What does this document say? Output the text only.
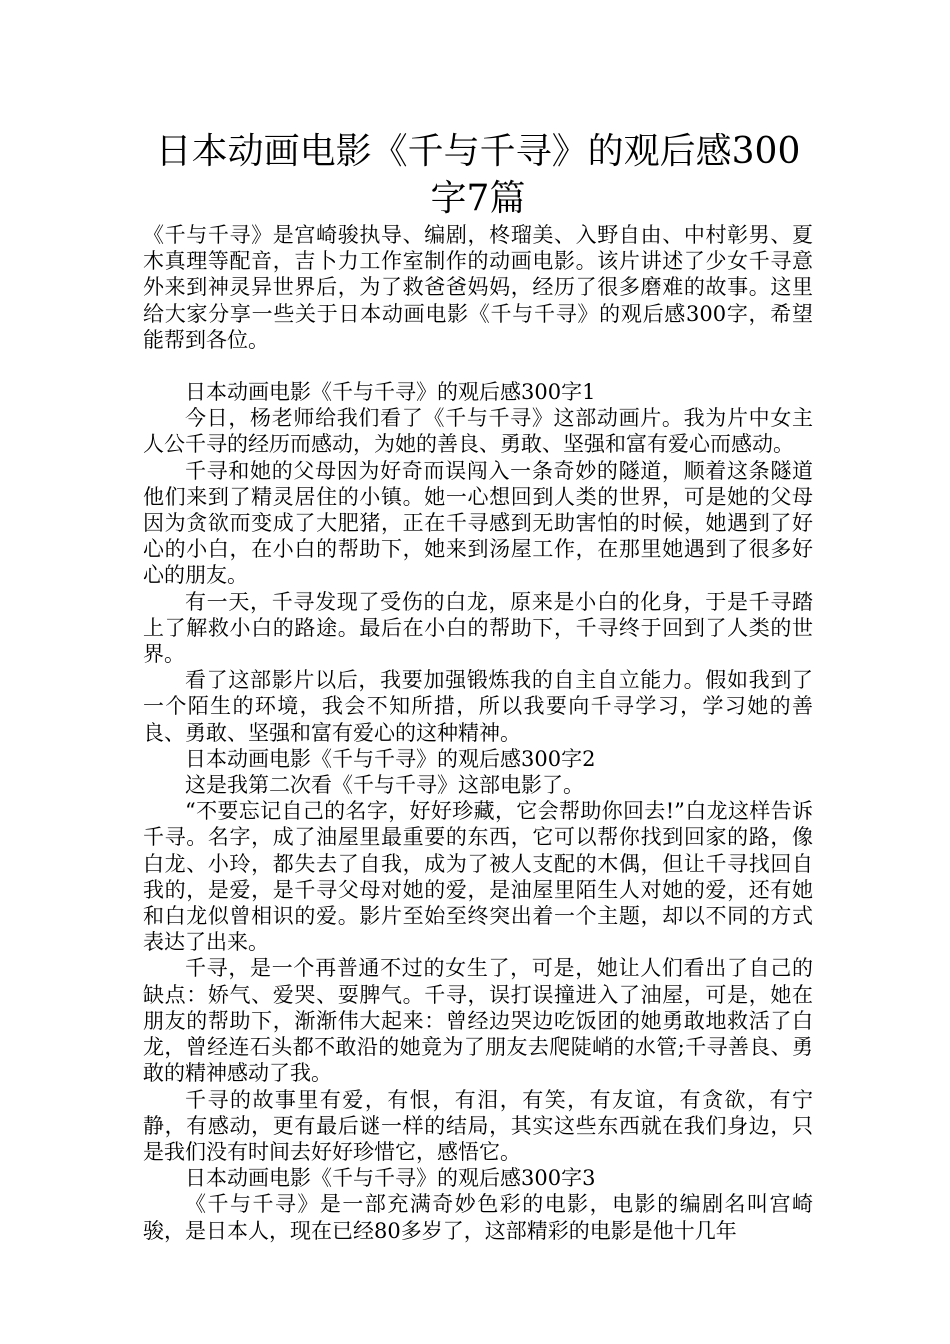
日本动画电影《千与千寻》的观后感300
字7篇

《千与千寻》是宫崎骏执导、编剧，柊瑠美、入野自由、中村彰男、夏木真理等配音，吉卜力工作室制作的动画电影。该片讲述了少女千寻意外来到神灵异世界后，为了救爸爸妈妈，经历了很多磨难的故事。这里给大家分享一些关于日本动画电影《千与千寻》的观后感300字，希望能帮到各位。

日本动画电影《千与千寻》的观后感300字1

今日，杨老师给我们看了《千与千寻》这部动画片。我为片中女主人公千寻的经历而感动，为她的善良、勇敢、坚强和富有爱心而感动。

千寻和她的父母因为好奇而误闯入一条奇妙的隧道，顺着这条隧道他们来到了精灵居住的小镇。她一心想回到人类的世界，可是她的父母因为贪欲而变成了大肥猪，正在千寻感到无助害怕的时候，她遇到了好心的小白，在小白的帮助下，她来到汤屋工作，在那里她遇到了很多好心的朋友。

有一天，千寻发现了受伤的白龙，原来是小白的化身，于是千寻踏上了解救小白的路途。最后在小白的帮助下，千寻终于回到了人类的世界。

看了这部影片以后，我要加强锻炼我的自主自立能力。假如我到了一个陌生的环境，我会不知所措，所以我要向千寻学习，学习她的善良、勇敢、坚强和富有爱心的这种精神。

日本动画电影《千与千寻》的观后感300字2

这是我第二次看《千与千寻》这部电影了。

“不要忘记自己的名字，好好珍藏，它会帮助你回去!”白龙这样告诉千寻。名字，成了油屋里最重要的东西，它可以帮你找到回家的路，像白龙、小玲，都失去了自我，成为了被人支配的木偶，但让千寻找回自我的，是爱，是千寻父母对她的爱，是油屋里陌生人对她的爱，还有她和白龙似曾相识的爱。影片至始至终突出着一个主题，却以不同的方式表达了出来。

千寻，是一个再普通不过的女生了，可是，她让人们看出了自己的缺点：娇气、爱哭、耍脾气。千寻，误打误撞进入了油屋，可是，她在朋友的帮助下，渐渐伟大起来：曾经边哭边吃饭团的她勇敢地救活了白龙，曾经连石头都不敢沿的她竟为了朋友去爬陡峭的水管;千寻善良、勇敢的精神感动了我。

千寻的故事里有爱，有恨，有泪，有笑，有友谊，有贪欲，有宁静，有感动，更有最后谜一样的结局，其实这些东西就在我们身边，只是我们没有时间去好好珍惜它，感悟它。

日本动画电影《千与千寻》的观后感300字3

《千与千寻》是一部充满奇妙色彩的电影，电影的编剧名叫宫崎骏，是日本人，现在已经80多岁了，这部精彩的电影是他十几年
